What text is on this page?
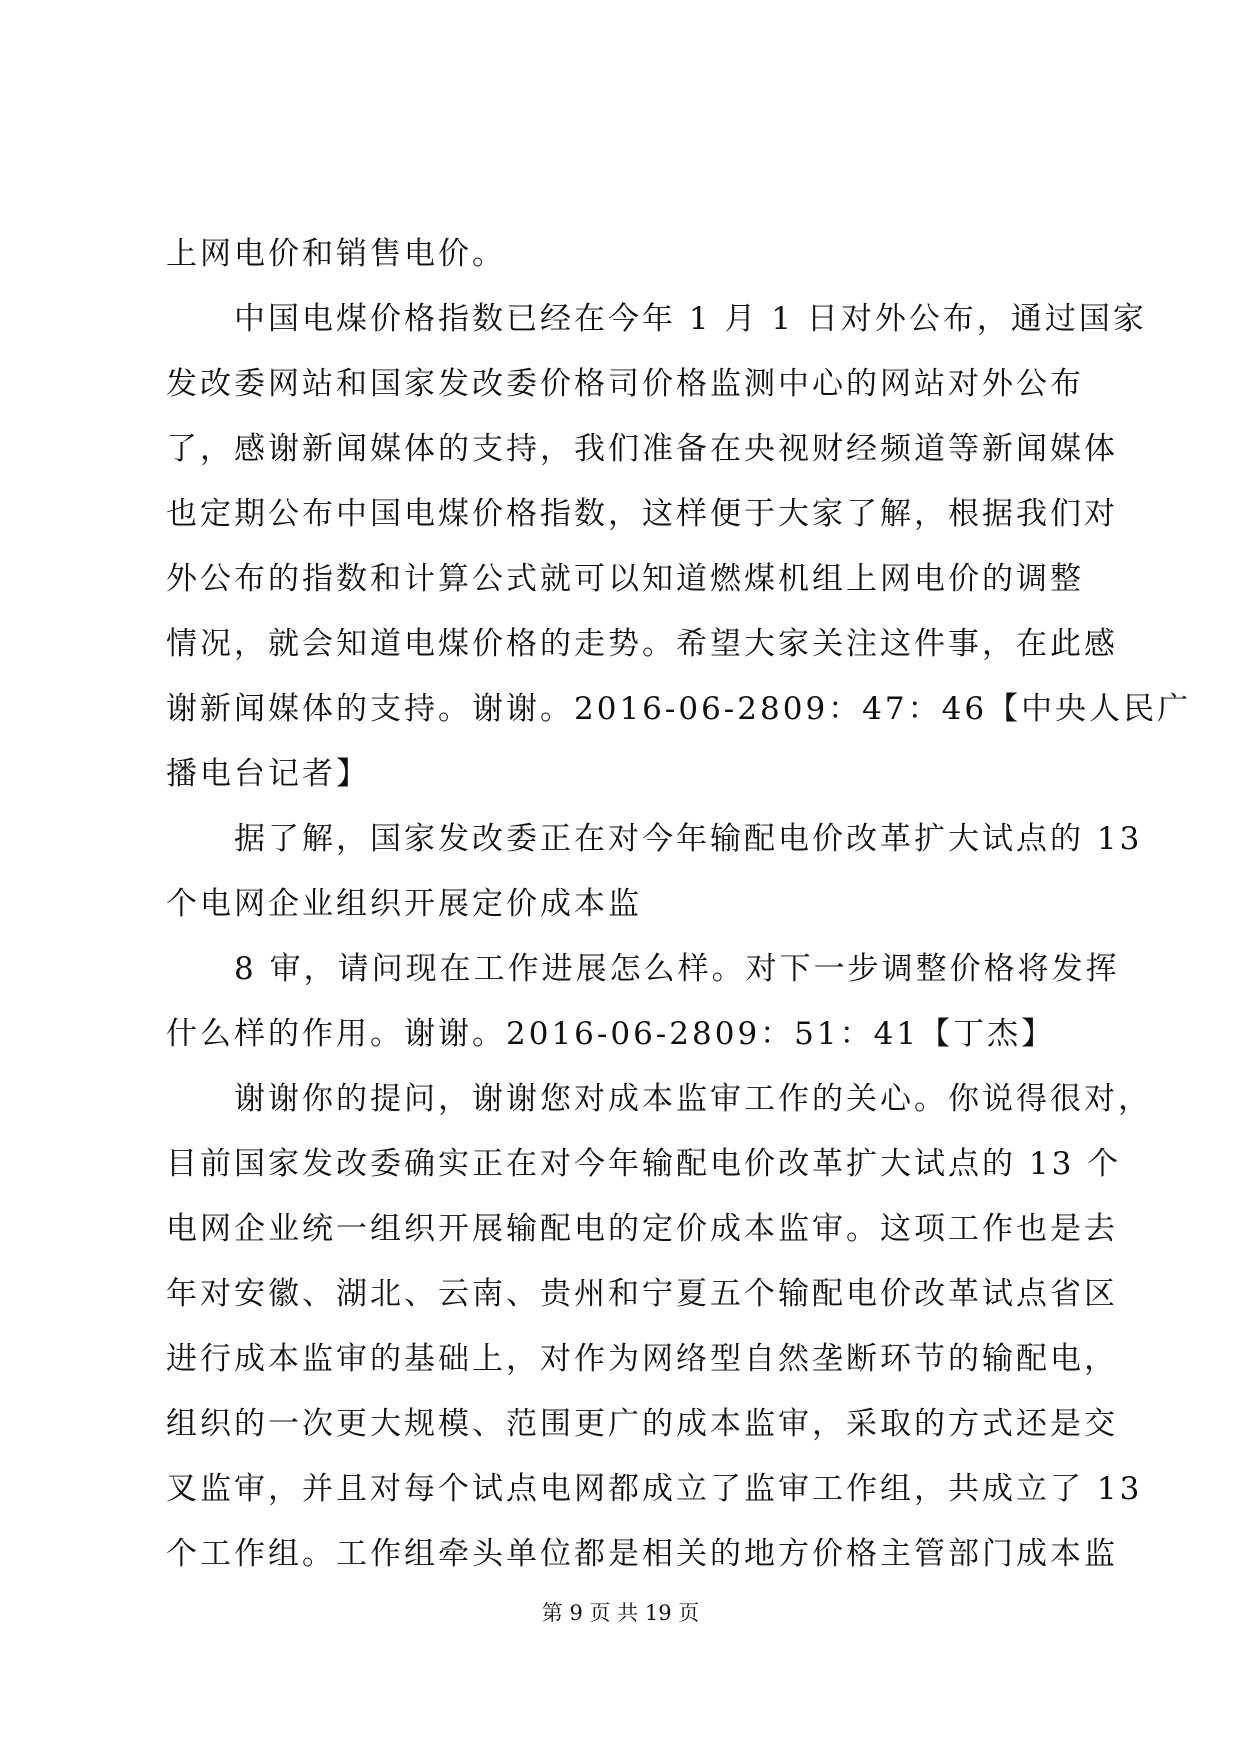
上网电价和销售电价。
　　中国电煤价格指数已经在今年 1 月 1 日对外公布，通过国家
发改委网站和国家发改委价格司价格监测中心的网站对外公布
了，感谢新闻媒体的支持，我们准备在央视财经频道等新闻媒体
也定期公布中国电煤价格指数，这样便于大家了解，根据我们对
外公布的指数和计算公式就可以知道燃煤机组上网电价的调整
情况，就会知道电煤价格的走势。希望大家关注这件事，在此感
谢新闻媒体的支持。谢谢。2016-06-2809：47：46【中央人民广
播电台记者】
　　据了解，国家发改委正在对今年输配电价改革扩大试点的 13
个电网企业组织开展定价成本监
　　8 审，请问现在工作进展怎么样。对下一步调整价格将发挥
什么样的作用。谢谢。2016-06-2809：51：41【丁杰】
　　谢谢你的提问，谢谢您对成本监审工作的关心。你说得很对，
目前国家发改委确实正在对今年输配电价改革扩大试点的 13 个
电网企业统一组织开展输配电的定价成本监审。这项工作也是去
年对安徽、湖北、云南、贵州和宁夏五个输配电价改革试点省区
进行成本监审的基础上，对作为网络型自然垄断环节的输配电，
组织的一次更大规模、范围更广的成本监审，采取的方式还是交
叉监审，并且对每个试点电网都成立了监审工作组，共成立了 13
个工作组。工作组牵头单位都是相关的地方价格主管部门成本监
第 9 页 共 19 页
